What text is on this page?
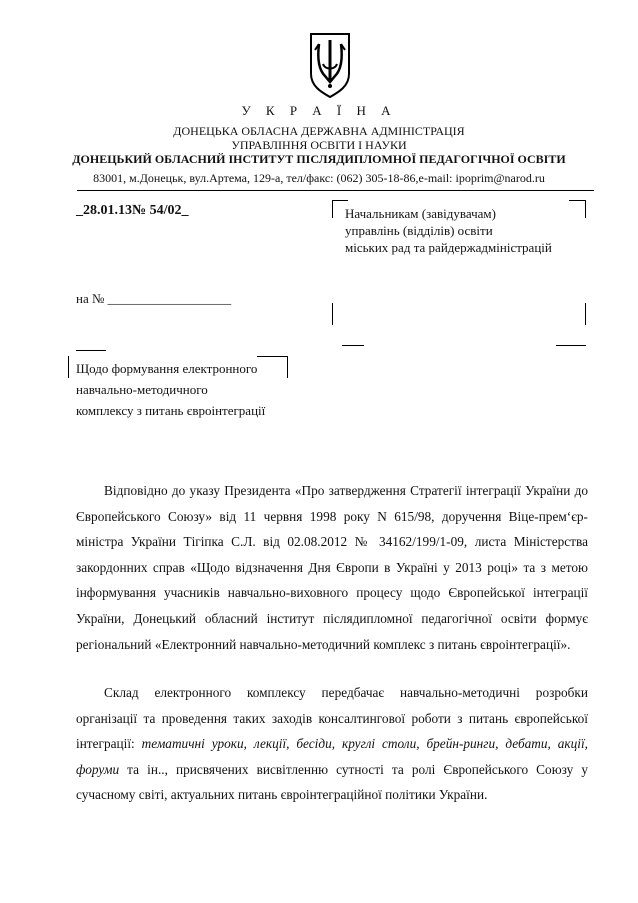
У К Р А Ї Н А
ДОНЕЦЬКА ОБЛАСНА ДЕРЖАВНА АДМІНІСТРАЦІЯ
УПРАВЛІННЯ ОСВІТИ І НАУКИ
ДОНЕЦЬКИЙ ОБЛАСНИЙ ІНСТИТУТ ПІСЛЯДИПЛОМНОЇ ПЕДАГОГІЧНОЇ ОСВІТИ
83001, м.Донецьк, вул.Артема, 129-а, тел/факс: (062) 305-18-86,e-mail: ipoprim@narod.ru
_28.01.13№ 54/02_	Начальникам (завідувачам)
управлінь (відділів) освіти
міських рад та райдержадміністрацій
на № ___________________
Щодо формування електронного
навчально-методичного
комплексу з питань євроінтеграції
Відповідно до указу Президента «Про затвердження Стратегії інтеграції України до Європейського Союзу» від 11 червня 1998 року N 615/98, доручення Віце-прем‘єр-міністра України Тігіпка С.Л. від 02.08.2012 № 34162/199/1-09, листа Міністерства закордонних справ «Щодо відзначення Дня Європи в Україні у 2013 році» та з метою інформування учасників навчально-виховного процесу щодо Європейської інтеграції України, Донецький обласний інститут післядипломної педагогічної освіти формує регіональний «Електронний навчально-методичний комплекс з питань євроінтеграції».
Склад електронного комплексу передбачає навчально-методичні розробки організації та проведення таких заходів консалтингової роботи з питань європейської інтеграції: тематичні уроки, лекції, бесіди, круглі столи, брейн-ринги, дебати, акції, форуми та ін.., присвячених висвітленню сутності та ролі Європейського Союзу у сучасному світі, актуальних питань євроінтеграційної політики України.
